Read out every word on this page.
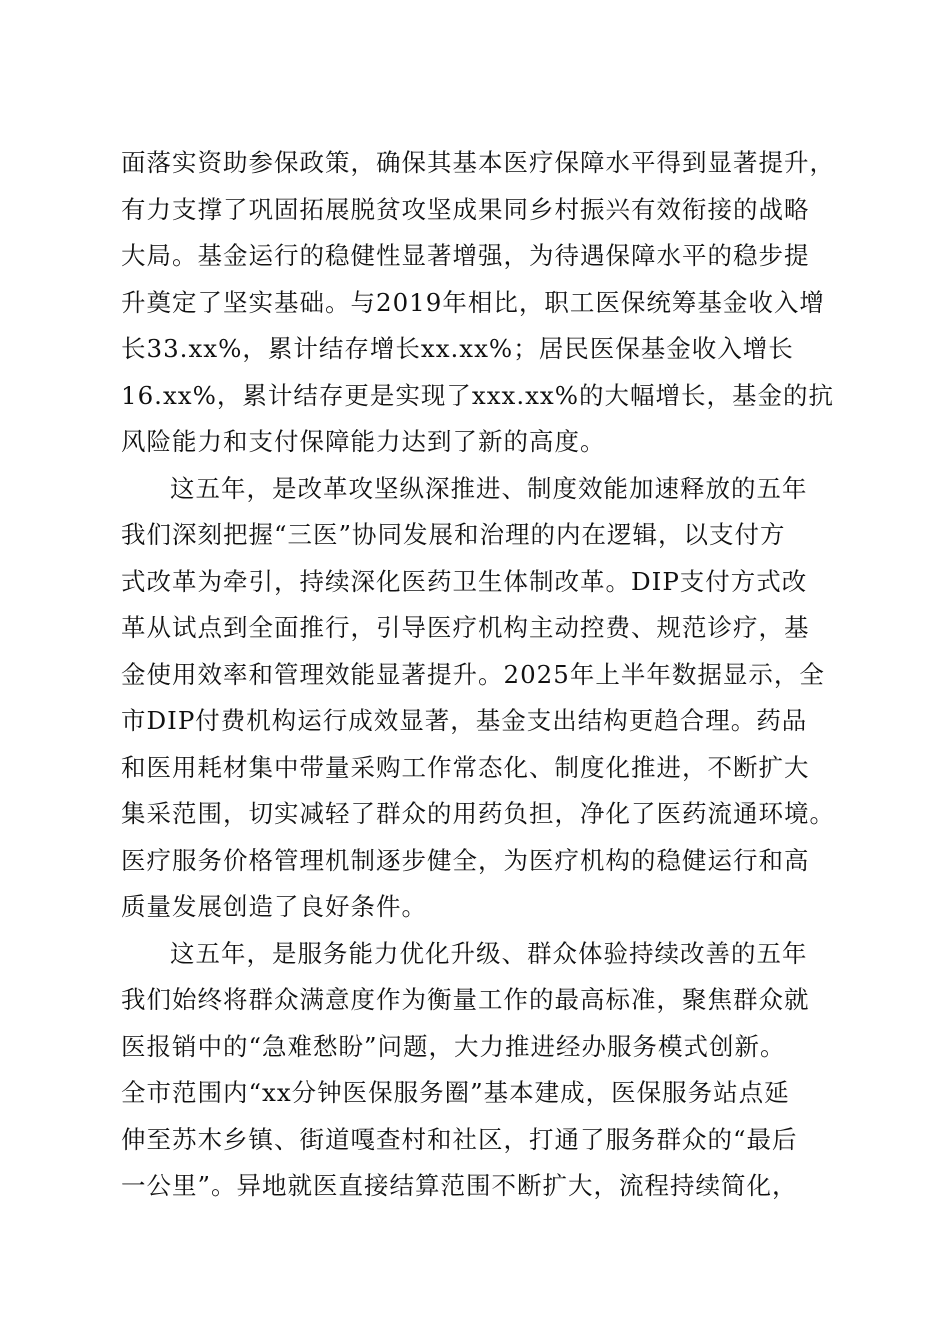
面落实资助参保政策，确保其基本医疗保障水平得到显著提升，

有力支撑了巩固拓展脱贫攻坚成果同乡村振兴有效衔接的战略

大局。基金运行的稳健性显著增强，为待遇保障水平的稳步提

升奠定了坚实基础。与2019年相比，职工医保统筹基金收入增

长33.xx%，累计结存增长xx.xx%；居民医保基金收入增长

16.xx%，累计结存更是实现了xxx.xx%的大幅增长，基金的抗

风险能力和支付保障能力达到了新的高度。

这五年，是改革攻坚纵深推进、制度效能加速释放的五年

我们深刻把握“三医”协同发展和治理的内在逻辑，以支付方

式改革为牵引，持续深化医药卫生体制改革。DIP支付方式改

革从试点到全面推行，引导医疗机构主动控费、规范诊疗，基

金使用效率和管理效能显著提升。2025年上半年数据显示，全

市DIP付费机构运行成效显著，基金支出结构更趋合理。药品

和医用耗材集中带量采购工作常态化、制度化推进，不断扩大

集采范围，切实减轻了群众的用药负担，净化了医药流通环境。

医疗服务价格管理机制逐步健全，为医疗机构的稳健运行和高

质量发展创造了良好条件。

这五年，是服务能力优化升级、群众体验持续改善的五年

我们始终将群众满意度作为衡量工作的最高标准，聚焦群众就

医报销中的“急难愁盼”问题，大力推进经办服务模式创新。

全市范围内“xx分钟医保服务圈”基本建成，医保服务站点延

伸至苏木乡镇、街道嘎查村和社区，打通了服务群众的“最后

一公里”。异地就医直接结算范围不断扩大，流程持续简化，
